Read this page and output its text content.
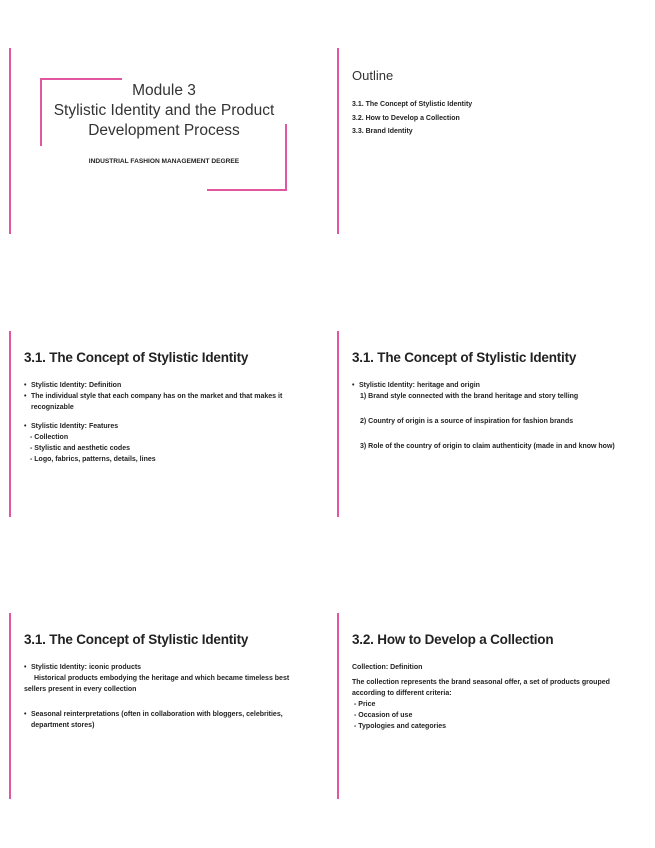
Module 3
Stylistic Identity and the Product
Development Process
INDUSTRIAL FASHION MANAGEMENT DEGREE
Outline
3.1. The Concept of Stylistic Identity
3.2. How to Develop a Collection
3.3. Brand Identity
3.1. The Concept of Stylistic Identity
• Stylistic Identity: Definition
• The individual style that each company has on the market and that makes it recognizable
• Stylistic Identity: Features
- Collection
- Stylistic and aesthetic codes
- Logo, fabrics, patterns, details, lines
3.1. The Concept of Stylistic Identity
• Stylistic Identity: heritage and origin
1) Brand style connected with the brand heritage and story telling
2) Country of origin is a source of inspiration for fashion brands
3) Role of the country of origin to claim authenticity (made in and know how)
3.1. The Concept of Stylistic Identity
• Stylistic Identity: iconic products
Historical products embodying the heritage and which became timeless best sellers present in every collection
• Seasonal reinterpretations (often in collaboration with bloggers, celebrities, department stores)
3.2. How to Develop a Collection
Collection: Definition
The collection represents the brand seasonal offer, a set of products grouped according to different criteria:
- Price
- Occasion of use
- Typologies and categories
